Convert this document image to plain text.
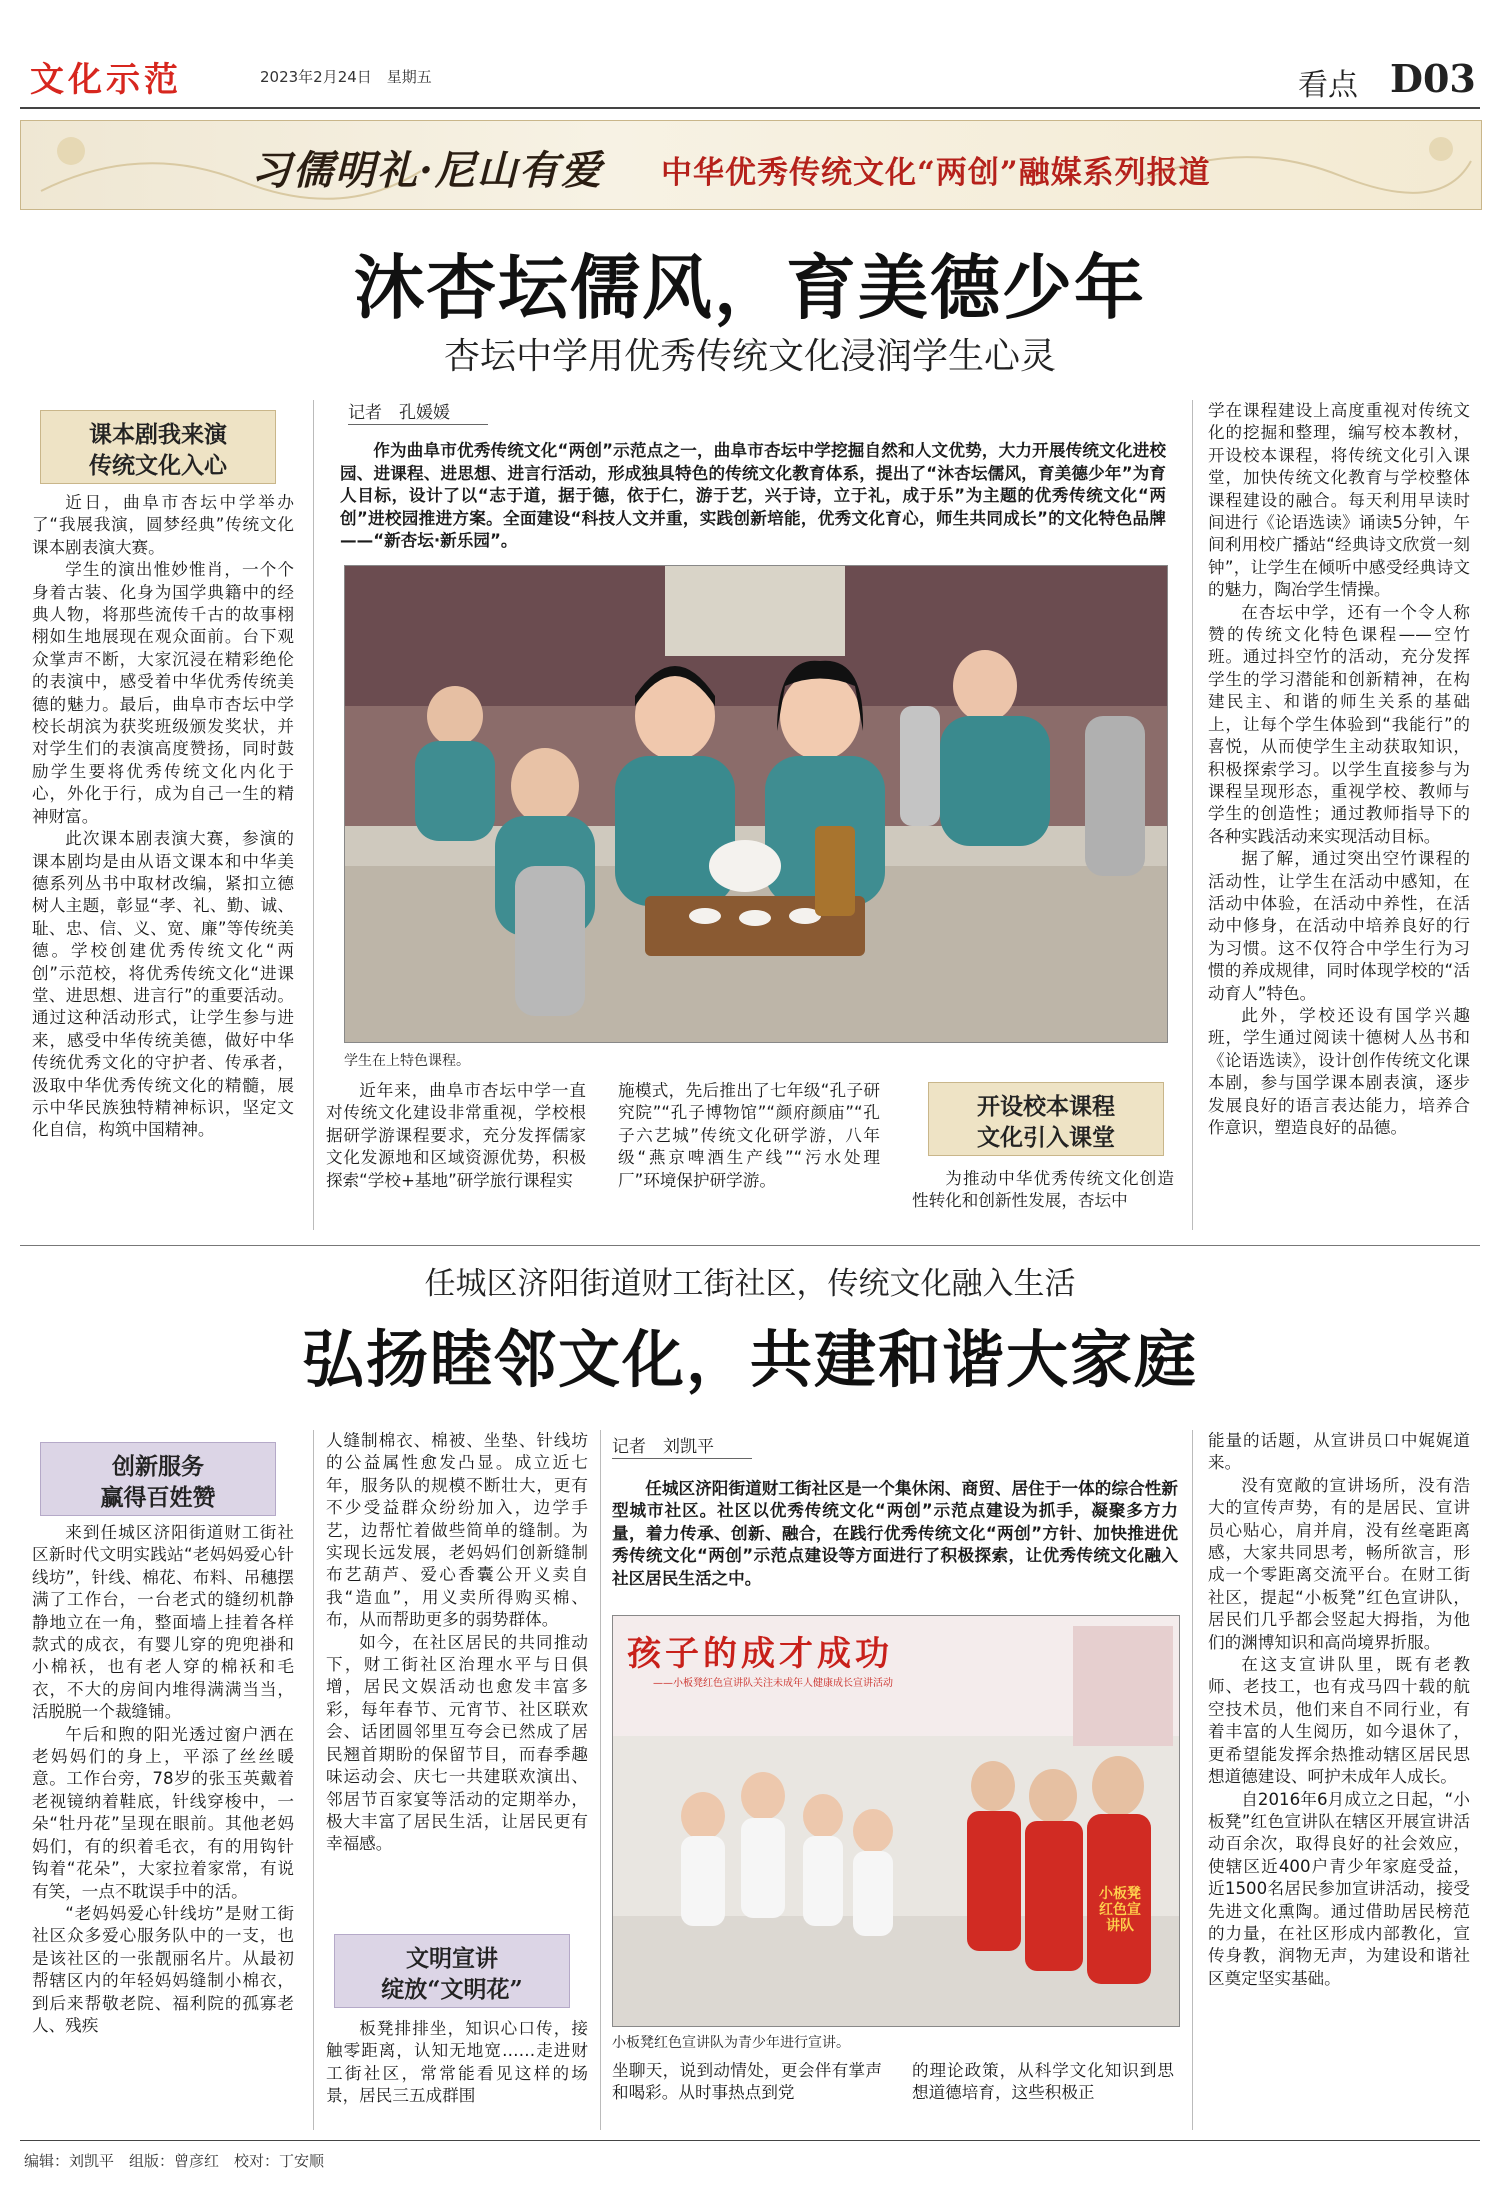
文化示范	2023年2月24日　星期五	看点 D03
习儒明礼·尼山有爱 中华优秀传统文化“两创”融媒系列报道
沐杏坛儒风，育美德少年
杏坛中学用优秀传统文化浸润学生心灵
课本剧我来演
传统文化入心

近日，曲阜市杏坛中学举办了“我展我演，圆梦经典”传统文化课本剧表演大赛。

学生的演出惟妙惟肖，一个个身着古装、化身为国学典籍中的经典人物，将那些流传千古的故事栩栩如生地展现在观众面前。台下观众掌声不断，大家沉浸在精彩绝伦的表演中，感受着中华优秀传统美德的魅力。最后，曲阜市杏坛中学校长胡滨为获奖班级颁发奖状，并对学生们的表演高度赞扬，同时鼓励学生要将优秀传统文化内化于心，外化于行，成为自己一生的精神财富。

此次课本剧表演大赛，参演的课本剧均是由从语文课本和中华美德系列丛书中取材改编，紧扣立德树人主题，彰显“孝、礼、勤、诚、耻、忠、信、义、宽、廉”等传统美德。学校创建优秀传统文化“两创”示范校，将优秀传统文化“进课堂、进思想、进言行”的重要活动。通过这种活动形式，让学生参与进来，感受中华传统美德，做好中华传统优秀文化的守护者、传承者，汲取中华优秀传统文化的精髓，展示中华民族独特精神标识，坚定文化自信，构筑中国精神。

记者　孔媛媛

作为曲阜市优秀传统文化“两创”示范点之一，曲阜市杏坛中学挖掘自然和人文优势，大力开展传统文化进校园、进课程、进思想、进言行活动，形成独具特色的传统文化教育体系，提出了“沐杏坛儒风，育美德少年”为育人目标，设计了以“志于道，据于德，依于仁，游于艺，兴于诗，立于礼，成于乐”为主题的优秀传统文化“两创”进校园推进方案。全面建设“科技人文并重，实践创新培能，优秀文化育心，师生共同成长”的文化特色品牌——“新杏坛·新乐园”。

学生在上特色课程。

近年来，曲阜市杏坛中学一直对传统文化建设非常重视，学校根据研学游课程要求，充分发挥儒家文化发源地和区域资源优势，积极探索“学校+基地”研学旅行课程实

施模式，先后推出了七年级“孔子研究院”“孔子博物馆”“颜府颜庙”“孔子六艺城”传统文化研学游，八年级“燕京啤酒生产线”“污水处理厂”环境保护研学游。

开设校本课程
文化引入课堂

为推动中华优秀传统文化创造性转化和创新性发展，杏坛中

学在课程建设上高度重视对传统文化的挖掘和整理，编写校本教材，开设校本课程，将传统文化引入课堂，加快传统文化教育与学校整体课程建设的融合。每天利用早读时间进行《论语选读》诵读5分钟，午间利用校广播站“经典诗文欣赏一刻钟”，让学生在倾听中感受经典诗文的魅力，陶冶学生情操。

在杏坛中学，还有一个令人称赞的传统文化特色课程——空竹班。通过抖空竹的活动，充分发挥学生的学习潜能和创新精神，在构建民主、和谐的师生关系的基础上，让每个学生体验到“我能行”的喜悦，从而使学生主动获取知识，积极探索学习。以学生直接参与为课程呈现形态，重视学校、教师与学生的创造性；通过教师指导下的各种实践活动来实现活动目标。

据了解，通过突出空竹课程的活动性，让学生在活动中感知，在活动中体验，在活动中养性，在活动中修身，在活动中培养良好的行为习惯。这不仅符合中学生行为习惯的养成规律，同时体现学校的“活动育人”特色。

此外，学校还设有国学兴趣班，学生通过阅读十德树人丛书和《论语选读》，设计创作传统文化课本剧，参与国学课本剧表演，逐步发展良好的语言表达能力，培养合作意识，塑造良好的品德。

任城区济阳街道财工街社区，传统文化融入生活
弘扬睦邻文化，共建和谐大家庭
创新服务
赢得百姓赞

来到任城区济阳街道财工街社区新时代文明实践站“老妈妈爱心针线坊”，针线、棉花、布料、吊穗摆满了工作台，一台老式的缝纫机静静地立在一角，整面墙上挂着各样款式的成衣，有婴儿穿的兜兜褂和小棉袄，也有老人穿的棉袄和毛衣，不大的房间内堆得满满当当，活脱脱一个裁缝铺。

午后和煦的阳光透过窗户洒在老妈妈们的身上，平添了丝丝暖意。工作台旁，78岁的张玉英戴着老视镜纳着鞋底，针线穿梭中，一朵“牡丹花”呈现在眼前。其他老妈妈们，有的织着毛衣，有的用钩针钩着“花朵”，大家拉着家常，有说有笑，一点不耽误手中的活。

“老妈妈爱心针线坊”是财工街社区众多爱心服务队中的一支，也是该社区的一张靓丽名片。从最初帮辖区内的年轻妈妈缝制小棉衣，到后来帮敬老院、福利院的孤寡老人、残疾

人缝制棉衣、棉被、坐垫、针线坊的公益属性愈发凸显。成立近七年，服务队的规模不断壮大，更有不少受益群众纷纷加入，边学手艺，边帮忙着做些简单的缝制。为实现长远发展，老妈妈们创新缝制布艺葫芦、爱心香囊公开义卖自我“造血”，用义卖所得购买棉、布，从而帮助更多的弱势群体。

如今，在社区居民的共同推动下，财工街社区治理水平与日俱增，居民文娱活动也愈发丰富多彩，每年春节、元宵节、社区联欢会、话团圆邻里互夸会已然成了居民翘首期盼的保留节目，而春季趣味运动会、庆七一共建联欢演出、邻居节百家宴等活动的定期举办，极大丰富了居民生活，让居民更有幸福感。

文明宣讲
绽放“文明花”

板凳排排坐，知识心口传，接触零距离，认知无地宽……走进财工街社区，常常能看见这样的场景，居民三五成群围

记者　刘凯平

任城区济阳街道财工街社区是一个集休闲、商贸、居住于一体的综合性新型城市社区。社区以优秀传统文化“两创”示范点建设为抓手，凝聚多方力量，着力传承、创新、融合，在践行优秀传统文化“两创”方针、加快推进优秀传统文化“两创”示范点建设等方面进行了积极探索，让优秀传统文化融入社区居民生活之中。

孩子的成才成功
——小板凳红色宣讲队关注未成年人健康成长宣讲活动
小板凳 红色宣讲队
小板凳红色宣讲队为青少年进行宣讲。

坐聊天，说到动情处，更会伴有掌声和喝彩。从时事热点到党

的理论政策，从科学文化知识到思想道德培育，这些积极正

能量的话题，从宣讲员口中娓娓道来。

没有宽敞的宣讲场所，没有浩大的宣传声势，有的是居民、宣讲员心贴心，肩并肩，没有丝毫距离感，大家共同思考，畅所欲言，形成一个零距离交流平台。在财工街社区，提起“小板凳”红色宣讲队，居民们几乎都会竖起大拇指，为他们的渊博知识和高尚境界折服。

在这支宣讲队里，既有老教师、老技工，也有戎马四十载的航空技术员，他们来自不同行业，有着丰富的人生阅历，如今退休了，更希望能发挥余热推动辖区居民思想道德建设、呵护未成年人成长。

自2016年6月成立之日起，“小板凳”红色宣讲队在辖区开展宣讲活动百余次，取得良好的社会效应，使辖区近400户青少年家庭受益，近1500名居民参加宣讲活动，接受先进文化熏陶。通过借助居民榜范的力量，在社区形成内部教化，宣传身教，润物无声，为建设和谐社区奠定坚实基础。

编辑：刘凯平　组版：曾彦红　校对：丁安顺
